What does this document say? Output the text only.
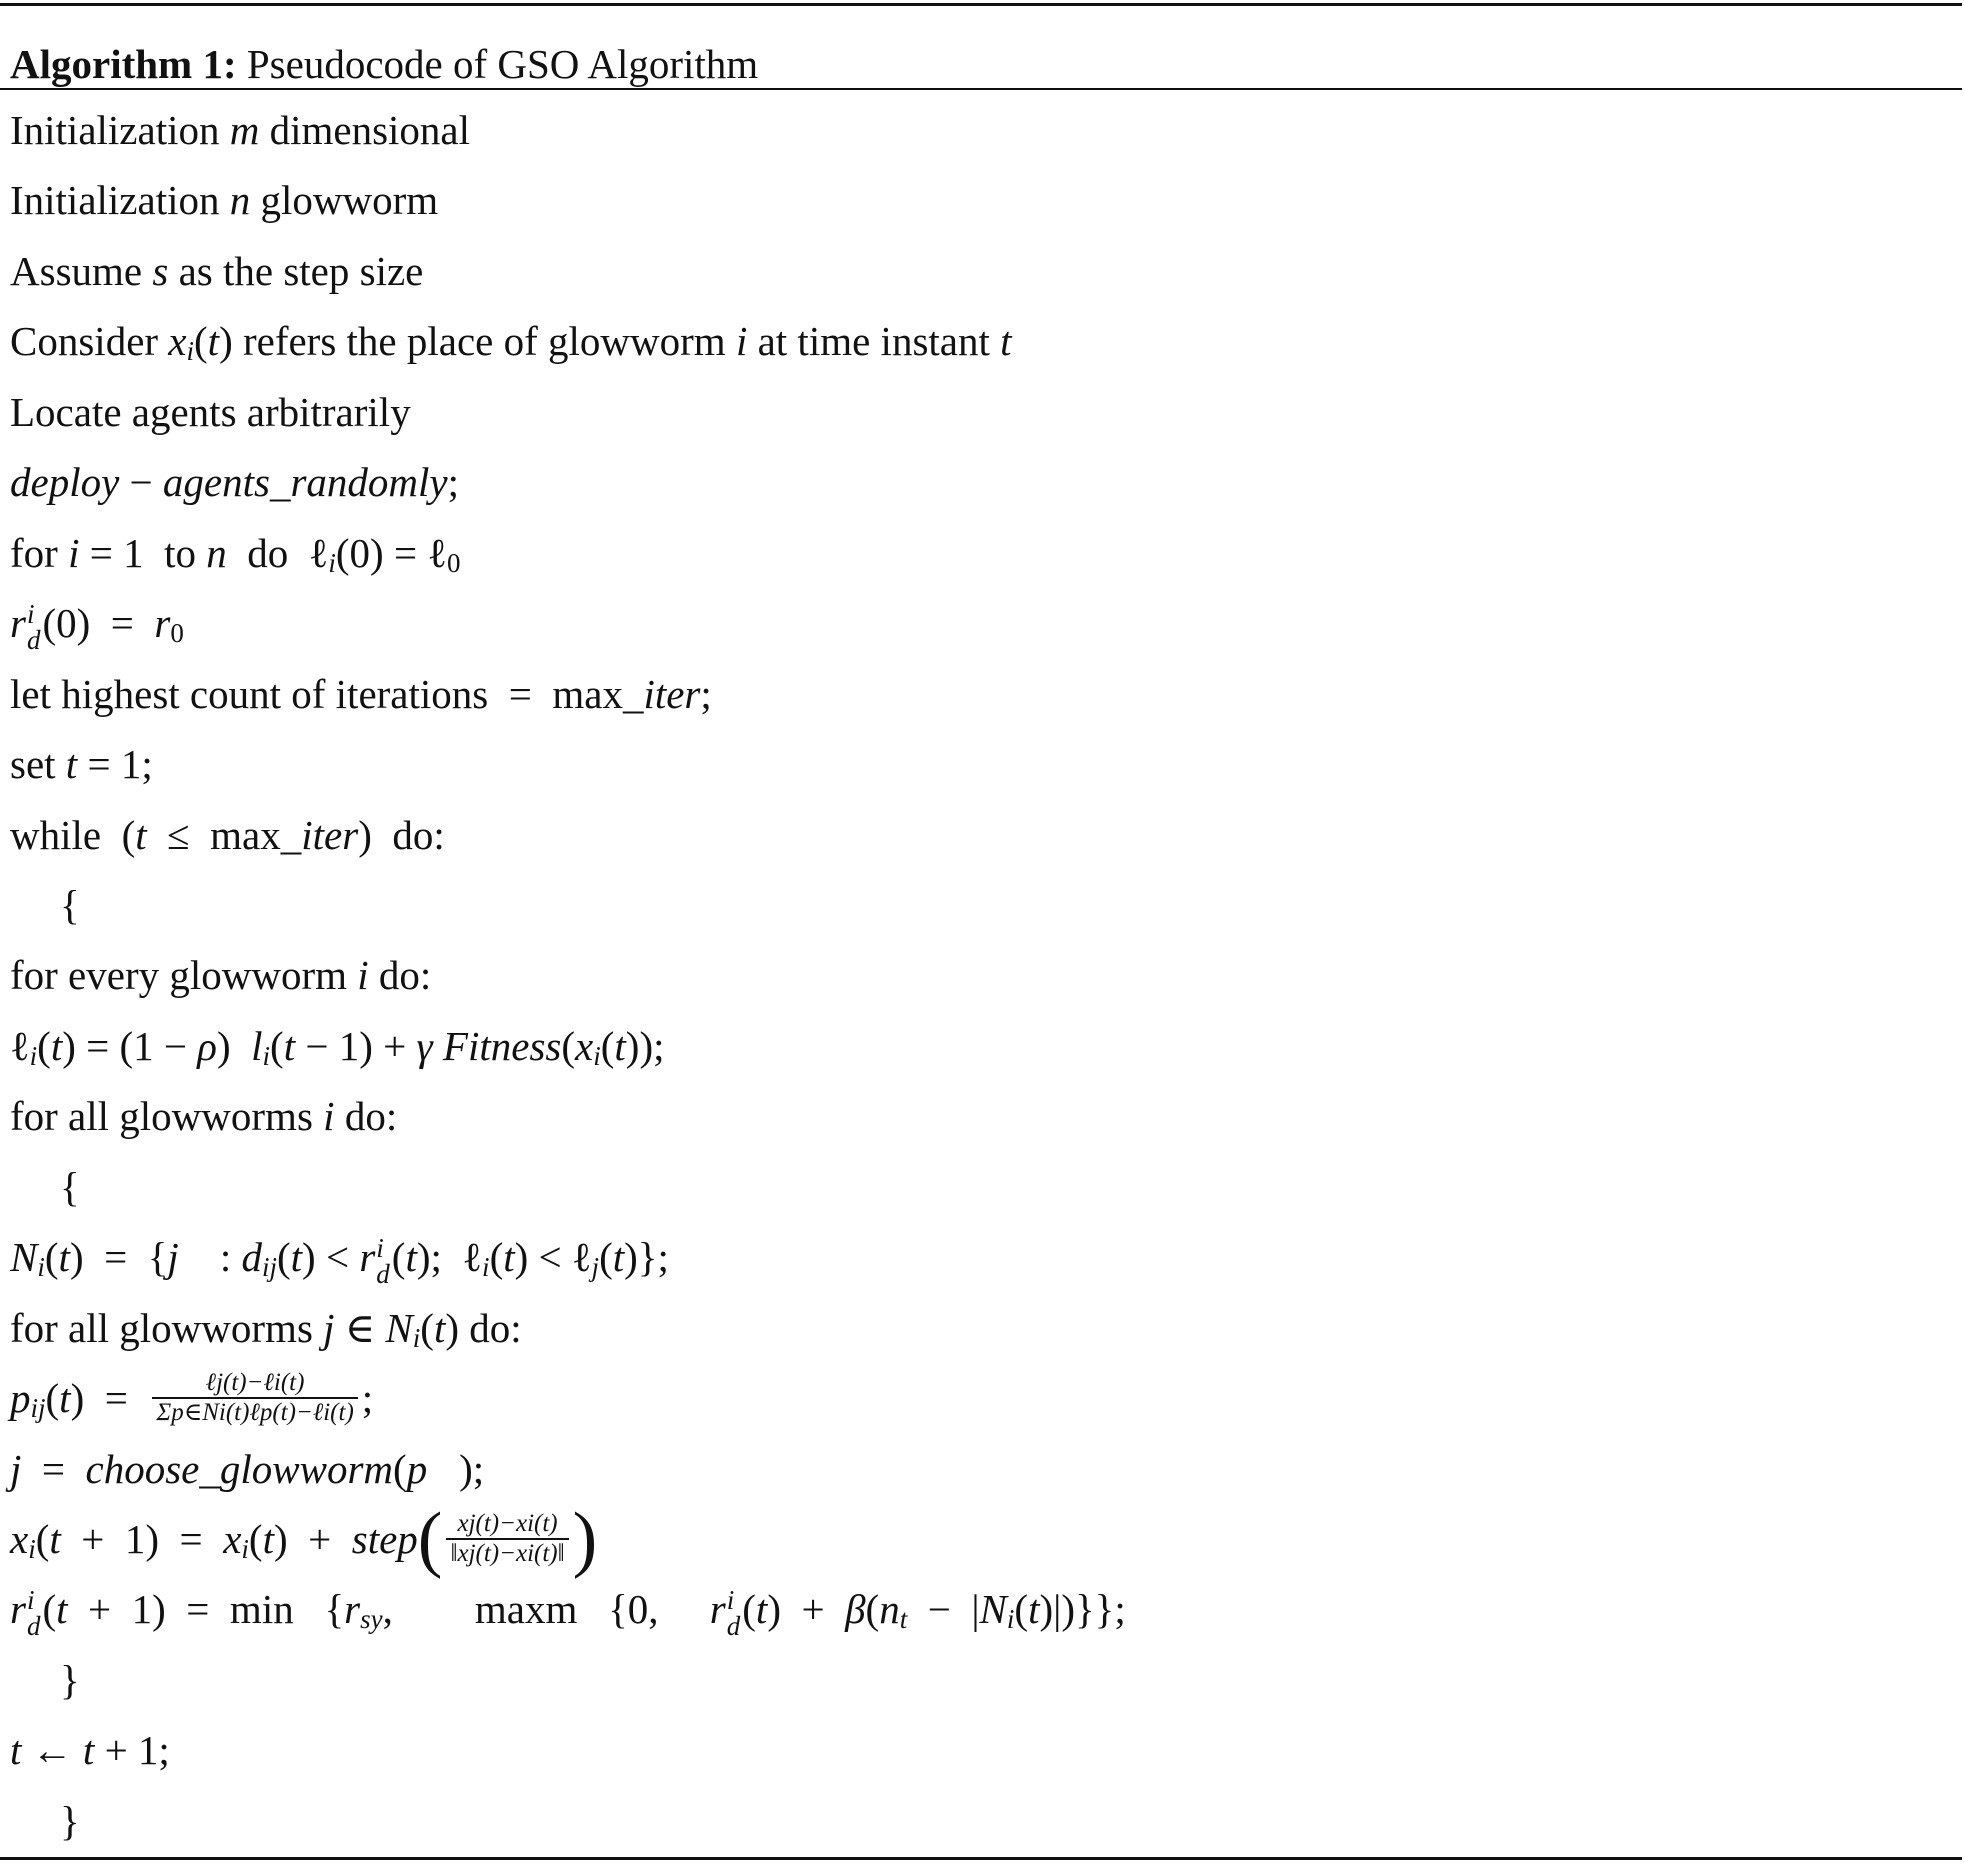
Algorithm 1: Pseudocode of GSO Algorithm
Initialization m dimensional
Initialization n glowworm
Assume s as the step size
Consider x i ( t ) refers the place of glowworm i at time instant t
Locate agents arbitrarily
deploy − agents_randomly ;
for i = 1  to n do  ℓ i (0) = ℓ 0
r i
d (0)  = r 0
let highest count of iterations  =  max_ iter ;
set t = 1;
while  ( t ≤  max_ iter )  do:
{
for every glowworm i do:
ℓ i ( t ) = (1 − ρ ) l i ( t − 1) + γ
Fitness ( x i ( t ));
for all glowworms i do:
{
N i ( t )  =  { j : d ij ( t ) < r i
d ( t );  ℓ i ( t ) < ℓ j ( t )};
for all glowworms j ∈ N i ( t ) do:
p ij ( t )  = $\frac{\text{ℓj(t)−ℓi(t)}}{\text{Σp∈Ni(t)ℓp(t)−ℓi(t)}}$ ;
j = choose_glowworm ( p⃗ );
x i ( t +  1)  = x i ( t )  + step ( $\frac{xj(t)-xi(t)}{‖xj(t)-xi(t)‖}$ )
r i
d ( t +  1)  =  min   { r sy ,        maxm   {0, r i
d ( t )  + β ( n t −  | N i ( t )|)}};
}
t ← t + 1;
}
